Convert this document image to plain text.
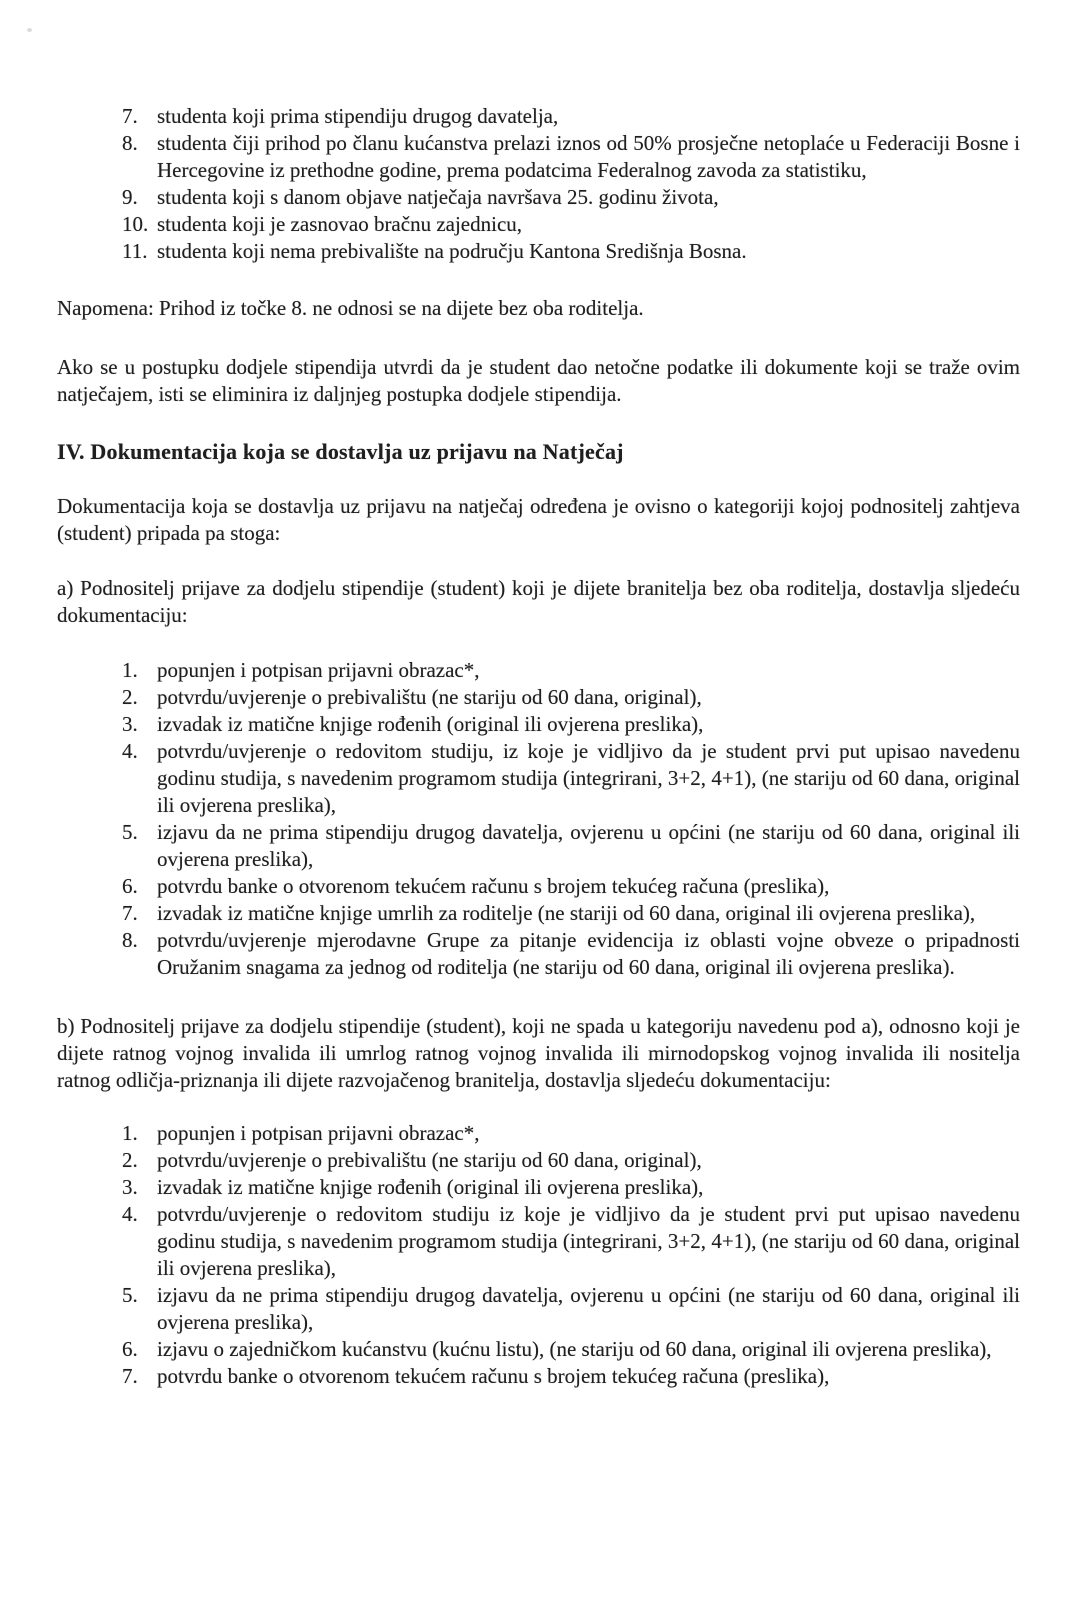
7. studenta koji prima stipendiju drugog davatelja,
8. studenta čiji prihod po članu kućanstva prelazi iznos od 50% prosječne netoplaće u Federaciji Bosne i Hercegovine iz prethodne godine, prema podatcima Federalnog zavoda za statistiku,
9. studenta koji s danom objave natječaja navršava 25. godinu života,
10. studenta koji je zasnovao bračnu zajednicu,
11. studenta koji nema prebivalište na području Kantona Središnja Bosna.
Napomena: Prihod iz točke 8. ne odnosi se na dijete bez oba roditelja.
Ako se u postupku dodjele stipendija utvrdi da je student dao netočne podatke ili dokumente koji se traže ovim natječajem, isti se eliminira iz daljnjeg postupka dodjele stipendija.
IV. Dokumentacija koja se dostavlja uz prijavu na Natječaj
Dokumentacija koja se dostavlja uz prijavu na natječaj određena je ovisno o kategoriji kojoj podnositelj zahtjeva (student) pripada pa stoga:
a) Podnositelj prijave za dodjelu stipendije (student) koji je dijete branitelja bez oba roditelja, dostavlja sljedeću dokumentaciju:
1. popunjen i potpisan prijavni obrazac*,
2. potvrdu/uvjerenje o prebivalištu (ne stariju od 60 dana, original),
3. izvadak iz matične knjige rođenih (original ili ovjerena preslika),
4. potvrdu/uvjerenje o redovitom studiju, iz koje je vidljivo da je student prvi put upisao navedenu godinu studija, s navedenim programom studija (integrirani, 3+2, 4+1), (ne stariju od 60 dana, original ili ovjerena preslika),
5. izjavu da ne prima stipendiju drugog davatelja, ovjerenu u općini (ne stariju od 60 dana, original ili ovjerena preslika),
6. potvrdu banke o otvorenom tekućem računu s brojem tekućeg računa (preslika),
7. izvadak iz matične knjige umrlih za roditelje (ne stariji od 60 dana, original ili ovjerena preslika),
8. potvrdu/uvjerenje mjerodavne Grupe za pitanje evidencija iz oblasti vojne obveze o pripadnosti Oružanim snagama za jednog od roditelja (ne stariju od 60 dana, original ili ovjerena preslika).
b) Podnositelj prijave za dodjelu stipendije (student), koji ne spada u kategoriju navedenu pod a), odnosno koji je dijete ratnog vojnog invalida ili umrlog ratnog vojnog invalida ili mirnodopskog vojnog invalida ili nositelja ratnog odličja-priznanja ili dijete razvojačenog branitelja, dostavlja sljedeću dokumentaciju:
1. popunjen i potpisan prijavni obrazac*,
2. potvrdu/uvjerenje o prebivalištu (ne stariju od 60 dana, original),
3. izvadak iz matične knjige rođenih (original ili ovjerena preslika),
4. potvrdu/uvjerenje o redovitom studiju iz koje je vidljivo da je student prvi put upisao navedenu godinu studija, s navedenim programom studija (integrirani, 3+2, 4+1), (ne stariju od 60 dana, original ili ovjerena preslika),
5. izjavu da ne prima stipendiju drugog davatelja, ovjerenu u općini (ne stariju od 60 dana, original ili ovjerena preslika),
6. izjavu o zajedničkom kućanstvu (kućnu listu), (ne stariju od 60 dana, original ili ovjerena preslika),
7. potvrdu banke o otvorenom tekućem računu s brojem tekućeg računa (preslika),
